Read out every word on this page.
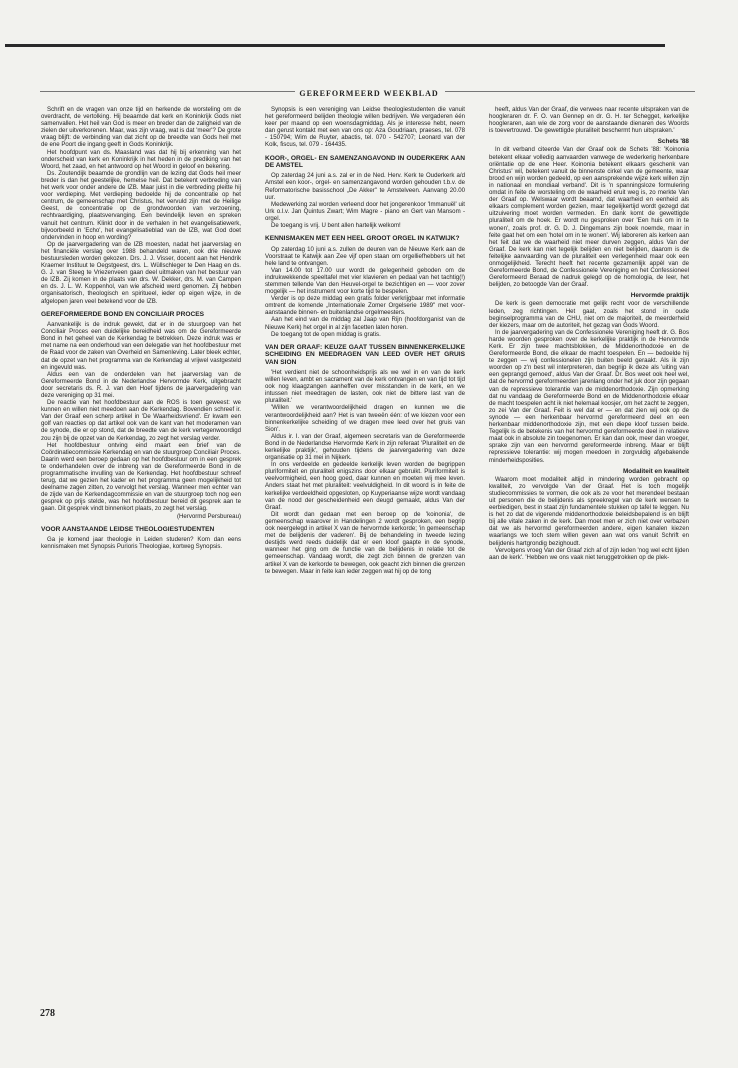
GEREFORMEERD WEEKBLAD

Schrift en de vragen van onze tijd en herkende de worsteling om de overdracht, de vertolking. Hij beaamde dat kerk en Koninkrijk Gods niet samenvallen. Het heil van God is meer en breder dan de zaligheid van de zielen der uitverkorenen. Maar, was zijn vraag, wat is dat 'meer'? De grote vraag blijft: de verbinding van dat zicht op de breedte van Gods heil met de ene Poort die ingang geeft in Gods Koninkrijk.

Het hoofdpunt van ds. Maasland was dat hij bij erkenning van het onderscheid van kerk en Koninkrijk in het heden in de prediking van het Woord, het zaad, en het antwoord op het Woord in geloof en bekering.

Ds. Zoutendijk beaamde de grondlijn van de lezing dat Gods heil meer breder is dan het geestelijke, hemelse heil. Dat betekent verbreding van het werk voor onder andere de IZB. Maar juist in die verbreding pleitte hij voor verdieping. Met verdieping bedoelde hij de concentratie op het centrum, de gemeenschap met Christus, het vervuld zijn met de Heilige Geest, de concentratie op de grondwoorden van verzoening, rechtvaardiging, plaatsvervanging. Een bevindelijk leven en spreken vanuit het centrum. Klinkt door in de verhalen in het evangelisatiewerk, bijvoorbeeld in 'Echo', het evangelisatieblad van de IZB, wat God doet ondervinden in hoop en wording?

Op de jaarvergadering van de IZB moesten, nadat het jaarverslag en het financiële verslag over 1988 behandeld waren, ook drie nieuwe bestuursleden worden gekozen. Drs. J. J. Visser, docent aan het Hendrik Kraemer Instituut te Oegstgeest, drs. L. Wüllschleger te Den Haag en ds. G. J. van Steeg te Vriezenveen gaan deel uitmaken van het bestuur van de IZB. Zij komen in de plaats van drs. W. Dekker, drs. M. van Campen en ds. J. L. W. Koppenhol, van wie afscheid werd genomen. Zij hebben organisatorisch, theologisch en spiritueel, ieder op eigen wijze, in de afgelopen jaren veel betekend voor de IZB.

GEREFORMEERDE BOND EN CONCILIAIR PROCES

Aanvankelijk is de indruk gewekt, dat er in de stuurgoep van het Conciliair Proces een duidelijke bereidheid was om de Gereformeerde Bond in het geheel van de Kerkendag te betrekken. Deze indruk was er met name na een onderhoud van een delegatie van het hoofdbestuur met de Raad voor de zaken van Overheid en Samenleving. Later bleek echter, dat de opzet van het programma van de Kerkendag al vrijwel vastgesteld en ingevuld was.

Aldus een van de onderdelen van het jaarverslag van de Gereformeerde Bond in de Nederlandse Hervormde Kerk, uitgebracht door secretaris ds. R. J. van den Hoef tijdens de jaarvergadering van deze vereniging op 31 mei.

De reactie van het hoofdbestuur aan de ROS is toen geweest: we kunnen en willen niet meedoen aan de Kerkendag. Bovendien schreef ir. Van der Graaf een scherp artikel in 'De Waarheidsvriend'. Er kwam een golf van reacties op dat artikel ook van de kant van het moderamen van de synode, die er op stond, dat de breedte van de kerk vertegenwoordigd zou zijn bij de opzet van de Kerkendag, zo zegt het verslag verder.

Het hoofdbestuur ontving eind maart een brief van de Coördinatiecommissie Kerkendag en van de stuurgroep Conciliair Proces. Daarin werd een beroep gedaan op het hoofdbestuur om in een gesprek te onderhandelen over de inbreng van de Gereformeerde Bond in de programmatische invulling van de Kerkendag. Het hoofdbestuur schreef terug, dat we gezien het kader en het programma geen mogelijkheid tot deelname zagen zitten, zo vervolgt het verslag. Wanneer men echter van de zijde van de Kerkendagcommissie en van de stuurgroep toch nog een gesprek op prijs stelde, was het hoofdbestuur bereid dit gesprek aan te gaan. Dit gesprek vindt binnenkort plaats, zo zegt het verslag.

(Hervormd Persbureau)
VOOR AANSTAANDE LEIDSE THEOLOGIESTUDENTEN

Ga je komend jaar theologie in Leiden studeren? Kom dan eens kennismaken met Synopsis Purioris Theologiae, kortweg Synopsis.

Synopsis is een vereniging van Leidse theologiestudenten die vanuit het gereformeerd belijden theologie willen bedrijven. We vergaderen één keer per maand op een woensdagmiddag. Als je interesse hebt, neem dan gerust kontakt met een van ons op: Aza Goudriaan, praeses, tel. 078 - 150794; Wim de Ruyter, abactis, tel. 070 - 542707; Leonard van der Kolk, fiscus, tel. 079 - 164435.

KOOR-, ORGEL- EN SAMENZANGAVOND IN OUDERKERK AAN DE AMSTEL

Op zaterdag 24 juni a.s. zal er in de Ned. Herv. Kerk te Ouderkerk a/d Amstel een koor-, orgel- en samenzangavond worden gehouden t.b.v. de Reformatorische basisschool „De Akker" te Amstelveen. Aanvang 20.00 uur.

Medewerking zal worden verleend door het jongerenkoor 'Immanuël' uit Urk o.l.v. Jan Quintus Zwart; Wim Magre - piano en Gert van Mansom - orgel.

De toegang is vrij. U bent allen hartelijk welkom!

KENNISMAKEN MET EEN HEEL GROOT ORGEL IN KATWIJK?

Op zaterdag 10 juni a.s. zullen de deuren van de Nieuwe Kerk aan de Voorstraat te Katwijk aan Zee vijf open staan om orgelliefhebbers uit het hele land te ontvangen.

Van 14.00 tot 17.00 uur wordt de gelegenheid geboden om de indrukwekkende speeltafel met vier klavieren en pedaal van het tachtig(!) stemmen tellende Van den Heuvel-orgel te bezichtigen en — voor zover mogelijk — het instrument voor korte tijd te bespelen.

Verder is op deze middag een gratis folder verkrijgbaar met informatie omtrent de komende „Internationale Zomer Orgelserie 1989" met voor-aanstaande binnen- en buitenlandse orgelmeesters.

Aan het eind van de middag zal Jaap van Rijn (hoofdorganist van de Nieuwe Kerk) het orgel in al zijn facetten laten horen.

De toegang tot de open middag is gratis.

VAN DER GRAAF: KEUZE GAAT TUSSEN BINNENKERKELIJKE SCHEIDING EN MEEDRAGEN VAN LEED OVER HET GRUIS VAN SION

'Het verdient niet de schoonheidsprijs als we wel in en van de kerk willen leven, ambt en sacrament van de kerk ontvangen en van tijd tot tijd ook nog klaagzangen aanheffen over misstanden in de kerk, en we intussen niet meedragen de lasten, ook niet de bittere last van de pluraliteit.'

'Willen we verantwoordelijkheid dragen en kunnen we die verantwoordelijkheid aan? Het is van tweeën één: of we kiezen voor een binnenkerkelijke scheiding of we dragen mee leed over het gruis van Sion'.

Aldus ir. I. van der Graaf, algemeen secretaris van de Gereformeerde Bond in de Nederlandse Hervormde Kerk in zijn referaat 'Pluraliteit en de kerkelijke praktijk', gehouden tijdens de jaarvergadering van deze organisatie op 31 mei in Nijkerk.

In ons verdeelde en gedeelde kerkelijk leven worden de begrippen pluriformiteit en pluraliteit enigszins door elkaar gebruikt. Pluriformiteit is veelvormigheid, een hoog goed, daar kunnen en moeten wij mee leven. Anders staat het met pluraliteit: veelvuldigheid. In dit woord is in feite de kerkelijke verdeeldheid opgesloten, op Kuyperiaanse wijze wordt vandaag van de nood der gescheidenheid een deugd gemaakt, aldus Van der Graaf.

Dit wordt dan gedaan met een beroep op de 'koinonia', de gemeenschap waarover in Handelingen 2 wordt gesproken, een begrip ook neergelegd in artikel X van de hervormde kerkorde; 'in gemeenschap met de belijdenis der vaderen'. Bij de behandeling in tweede lezing destijds werd reeds duidelijk dat er een kloof gaapte in de synode, wanneer het ging om de functie van de belijdenis in relatie tot de gemeenschap. Vandaag wordt, die zegt zich binnen de grenzen van artikel X van de kerkorde te bewegen, ook geacht zich binnen die grenzen te bewegen. Maar in feite kan ieder zeggen wat hij op de tong

heeft, aldus Van der Graaf, die verwees naar recente uitspraken van de hoogleraren dr. F. O. van Gennep en dr. G. H. ter Schegget, kerkelijke hoogleraren, aan wie de zorg voor de aanstaande dienaren des Woords is toevertrouwd. 'De gewettigde pluraliteit beschermt hun uitspraken.'

Schets '88

In dit verband citeerde Van der Graaf ook de Schets '88: 'Koinonia betekent elkaar volledig aanvaarden vanwege de wederkerig herkenbare oriëntatie op de ene Heer. Koinonia betekent elkaars geschenk van Christus' wil, betekent vanuit de binnenste cirkel van de gemeente, waar brood en wijn worden gedeeld, op een aansprekende wijze kerk willen zijn in nationaal en mondiaal verband'. Dit is 'n spanningsloze formulering omdat in feite de worsteling om de waarheid eruit weg is, zo merkte Van der Graaf op. Welswaar wordt beaamd, dat waarheid en eenheid als elkaars complement worden gezien, maar tegelijkertijd wordt gezegd dat uitzuivering moet worden vermeden. En dank komt de gewettigde pluraliteit om de hoek. Er wordt nu gesproken over 'Een huis om in te wonen', zoals prof. dr. G. D. J. Dingemans zijn boek noemde, maar in feite gaat het om een 'hotel om in te wonen'. Wij laboreren als kerken aan het feit dat we de waarheid niet meer durven zeggen, aldus Van der Graaf. De kerk kan niet tegelijk belijden en niet belijden, daarom is de feitelijke aanvaarding van de pluraliteit een verlegenheid maar ook een onmogelijkheid. Terecht heeft het recente gezamenlijk appèl van de Gereformeerde Bond, de Confessionele Vereniging en het Confessioneel Gereformeerd Beraad de nadruk gelegd op de homologia, de leer, het belijden, zo betoogde Van der Graaf.

Hervormde praktijk

De kerk is geen democratie met gelijk recht voor de verschillende leden, zeg richtingen. Het gaat, zoals het stond in oude beginselprogramma van de CHU, niet om de majoriteit, de meerderheid der kiezers, maar om de autoriteit, het gezag van Gods Woord.

In de jaarvergadering van de Confessionele Vereniging heeft dr. G. Bos harde woorden gesproken over de kerkelijke praktijk in de Hervormde Kerk. Er zijn twee machtsblokken, de Middenorthodoxie en de Gereformeerde Bond, die elkaar de macht toespelen. En — bedoelde hij te zeggen — wij confessionelen zijn buiten beeld geraakt. Als ik zijn woorden op z'n best wil interpreteren, dan begrijp ik deze als 'uiting van een geprangd gemoed', aldus Van der Graaf. Dr. Bos weet ook heel wel, dat de hervormd gereformeerden jarenlang onder het juk door zijn gegaan van de repressieve tolerantie van de middenorthodoxie. Zijn opmerking dat nu vandaag de Gereformeerde Bond en de Middenorthodoxie elkaar de macht toespelen acht ik niet helemaal koosjer, om het zacht te zeggen, zo zei Van der Graaf. Feit is wel dat er — en dat zien wij ook op de synode — een herkenbaar hervormd gereformeerd deel en een herkenbaar middenorthodoxie zijn, met een diepe kloof tussen beide. Tegelijk is de betekenis van het hervormd gereformeerde deel in relatieve maat ook in absolute zin toegenomen. Er kan dan ook, meer dan vroeger, sprake zijn van een hervormd gereformeerde inbreng. Maar er blijft repressieve tolerantie: wij mogen meedoen in zorgvuldig afgebakende minderheidsposities.

Modaliteit en kwaliteit

Waarom moet modaliteit altijd in mindering worden gebracht op kwaliteit, zo vervolgde Van der Graaf. Het is toch mogelijk studiecommissies te vormen, die ook als ze voor het merendeel bestaan uit personen die de belijdenis als spreekregel van de kerk wensen te eerbiedigen, best in staat zijn fundamentele stukken op tafel te leggen. Nu is het zo dat de vigerende middenorthodoxie beleidsbepalend is en blijft bij alle vitale zaken in de kerk. Dan moet men er zich niet over verbazen dat we als hervormd gereformeerden andere, eigen kanalen kiezen waarlangs we toch stem willen geven aan wat ons vanuit Schrift en belijdenis hartgrondig bezighoudt.

Vervolgens vroeg Van der Graaf zich af of zijn leden 'nog wel echt lijden aan de kerk'. 'Hebben we ons vaak niet teruggetrokken op de plek-

278
